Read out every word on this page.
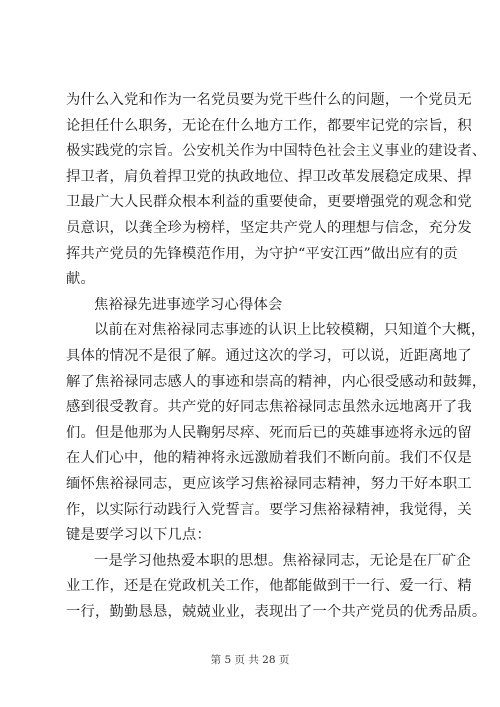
为什么入党和作为一名党员要为党干些什么的问题，一个党员无
论担任什么职务，无论在什么地方工作，都要牢记党的宗旨，积
极实践党的宗旨。公安机关作为中国特色社会主义事业的建设者、
捍卫者，肩负着捍卫党的执政地位、捍卫改革发展稳定成果、捍
卫最广大人民群众根本利益的重要使命，更要增强党的观念和党
员意识，以龚全珍为榜样，坚定共产党人的理想与信念，充分发
挥共产党员的先锋模范作用，为守护“平安江西”做出应有的贡
献。
焦裕禄先进事迹学习心得体会
以前在对焦裕禄同志事迹的认识上比较模糊，只知道个大概，
具体的情况不是很了解。通过这次的学习，可以说，近距离地了
解了焦裕禄同志感人的事迹和崇高的精神，内心很受感动和鼓舞，
感到很受教育。共产党的好同志焦裕禄同志虽然永远地离开了我
们。但是他那为人民鞠躬尽瘁、死而后已的英雄事迹将永远的留
在人们心中，他的精神将永远激励着我们不断向前。我们不仅是
缅怀焦裕禄同志，更应该学习焦裕禄同志精神，努力干好本职工
作，以实际行动践行入党誓言。要学习焦裕禄精神，我觉得，关
键是要学习以下几点：
一是学习他热爱本职的思想。焦裕禄同志，无论是在厂矿企
业工作，还是在党政机关工作，他都能做到干一行、爱一行、精
一行，勤勤恳恳，兢兢业业，表现出了一个共产党员的优秀品质。
第 5 页 共 28 页
